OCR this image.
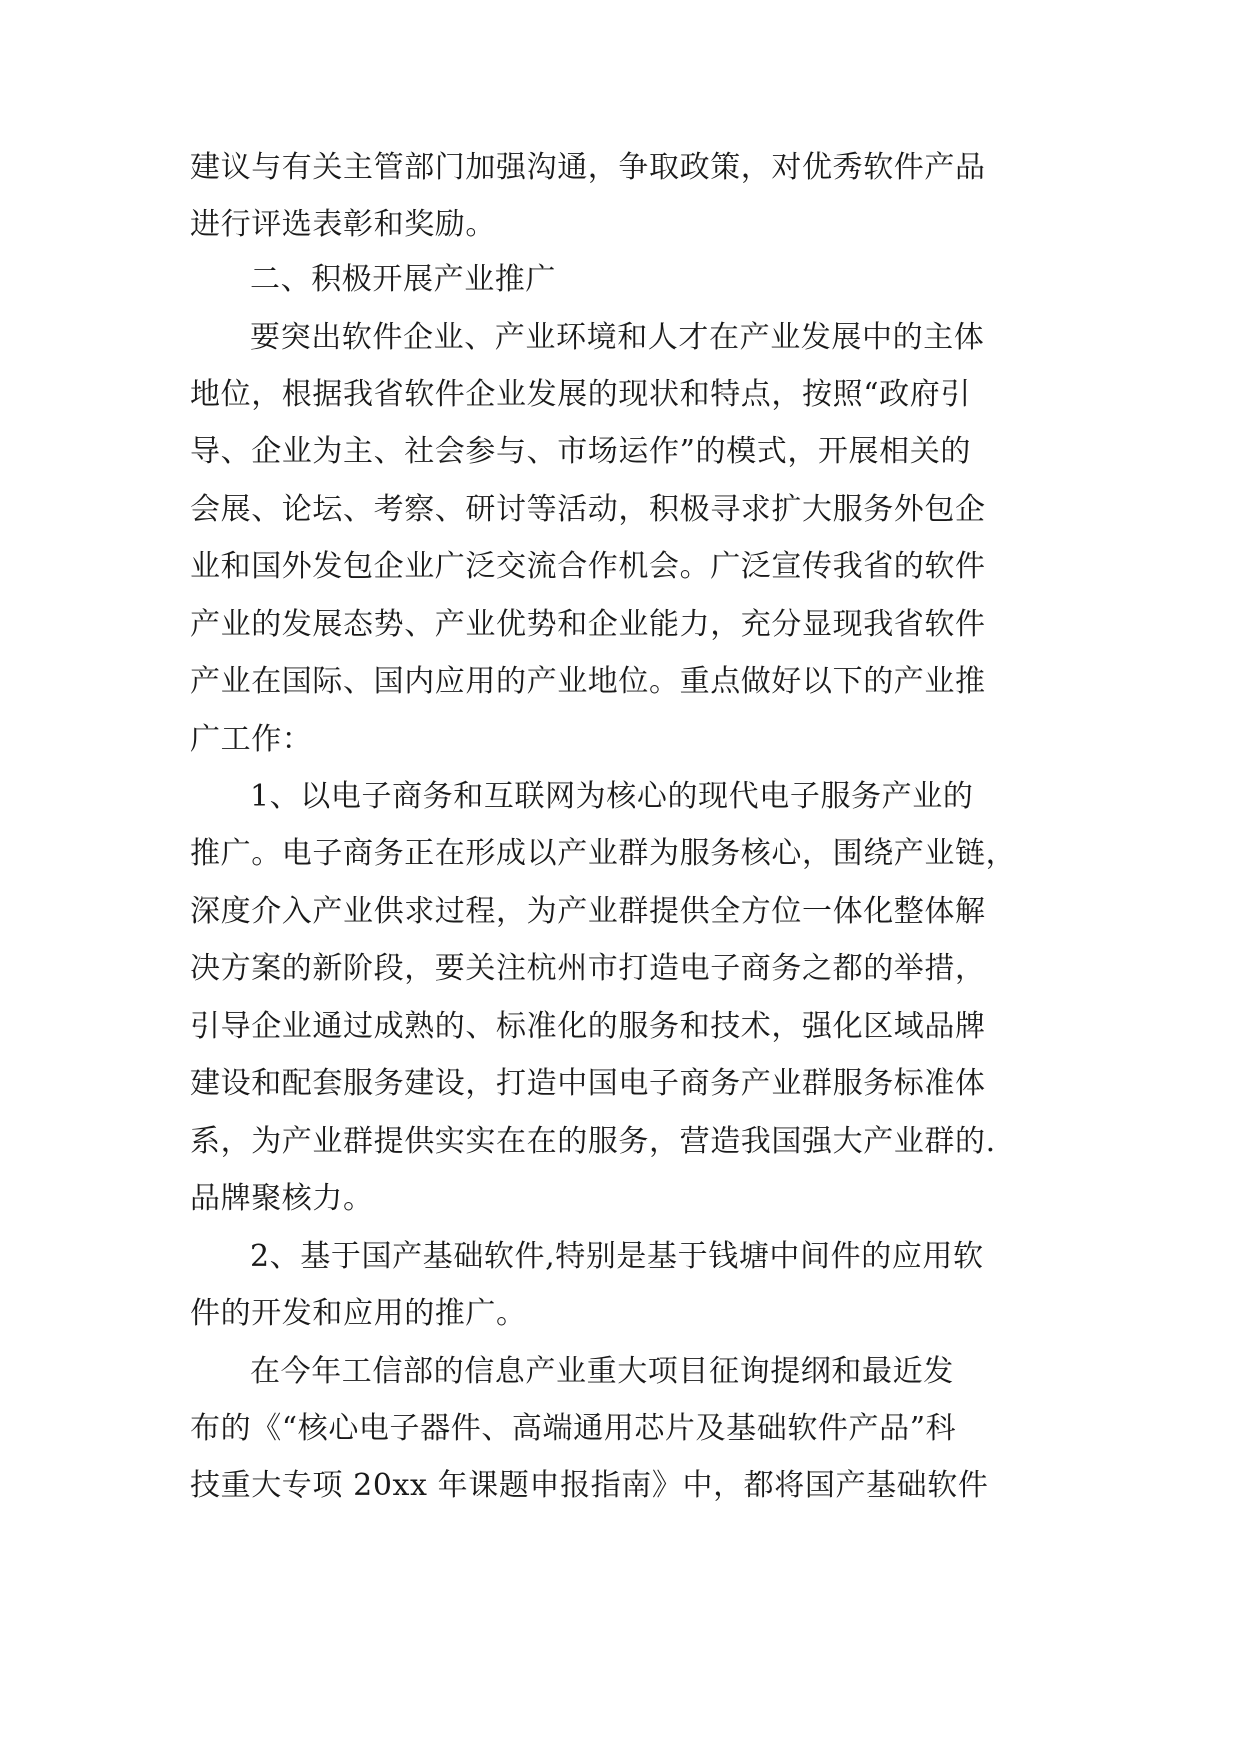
建议与有关主管部门加强沟通，争取政策，对优秀软件产品

进行评选表彰和奖励。

二、积极开展产业推广

要突出软件企业、产业环境和人才在产业发展中的主体

地位，根据我省软件企业发展的现状和特点，按照“政府引

导、企业为主、社会参与、市场运作”的模式，开展相关的

会展、论坛、考察、研讨等活动，积极寻求扩大服务外包企

业和国外发包企业广泛交流合作机会。广泛宣传我省的软件

产业的发展态势、产业优势和企业能力，充分显现我省软件

产业在国际、国内应用的产业地位。重点做好以下的产业推

广工作：

1、以电子商务和互联网为核心的现代电子服务产业的

推广。电子商务正在形成以产业群为服务核心，围绕产业链，

深度介入产业供求过程，为产业群提供全方位一体化整体解

决方案的新阶段，要关注杭州市打造电子商务之都的举措，

引导企业通过成熟的、标准化的服务和技术，强化区域品牌

建设和配套服务建设，打造中国电子商务产业群服务标准体

系，为产业群提供实实在在的服务，营造我国强大产业群的.

品牌聚核力。

2、基于国产基础软件,特别是基于钱塘中间件的应用软

件的开发和应用的推广。

在今年工信部的信息产业重大项目征询提纲和最近发

布的《“核心电子器件、高端通用芯片及基础软件产品”科

技重大专项 20xx 年课题申报指南》中，都将国产基础软件
